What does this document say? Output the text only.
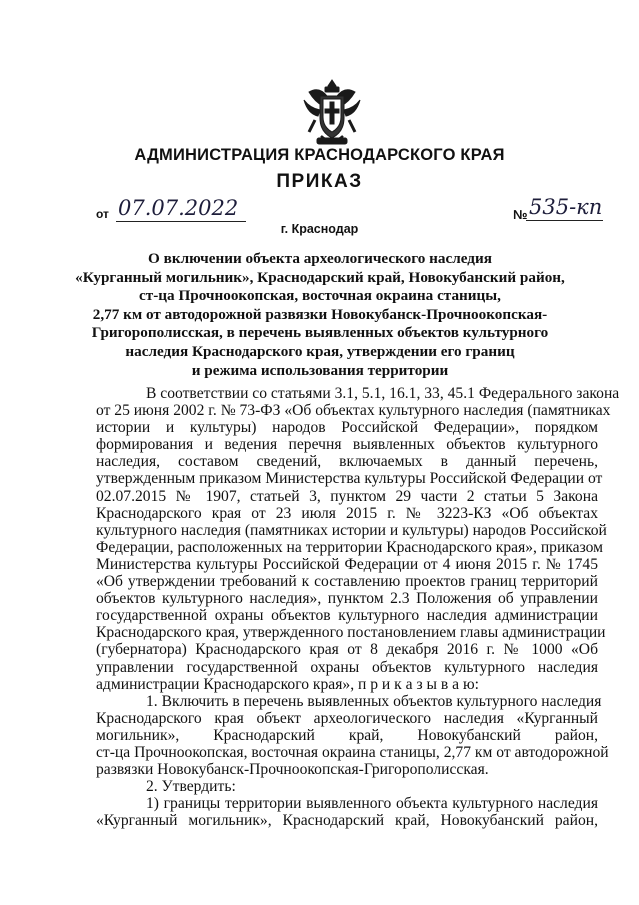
АДМИНИСТРАЦИЯ КРАСНОДАРСКОГО КРАЯ
ПРИКАЗ
от 07.07.2022
г. Краснодар
№ 535-кп
О включении объекта археологического наследия
«Курганный могильник», Краснодарский край, Новокубанский район,
ст-ца Прочноокопская, восточная окраина станицы,
2,77 км от автодорожной развязки Новокубанск-Прочноокопская-
Григорополисская, в перечень выявленных объектов культурного
наследия Краснодарского края, утверждении его границ
и режима использования территории
В соответствии со статьями 3.1, 5.1, 16.1, 33, 45.1 Федерального закона
от 25 июня 2002 г. № 73-ФЗ «Об объектах культурного наследия (памятниках
истории и культуры) народов Российской Федерации», порядком
формирования и ведения перечня выявленных объектов культурного
наследия, составом сведений, включаемых в данный перечень,
утвержденным приказом Министерства культуры Российской Федерации от
02.07.2015 № 1907, статьей 3, пунктом 29 части 2 статьи 5 Закона
Краснодарского края от 23 июля 2015 г. № 3223-КЗ «Об объектах
культурного наследия (памятниках истории и культуры) народов Российской
Федерации, расположенных на территории Краснодарского края», приказом
Министерства культуры Российской Федерации от 4 июня 2015 г. № 1745
«Об утверждении требований к составлению проектов границ территорий
объектов культурного наследия», пунктом 2.3 Положения об управлении
государственной охраны объектов культурного наследия администрации
Краснодарского края, утвержденного постановлением главы администрации
(губернатора) Краснодарского края от 8 декабря 2016 г. № 1000 «Об
управлении государственной охраны объектов культурного наследия
администрации Краснодарского края», п р и к а з ы в а ю:
1. Включить в перечень выявленных объектов культурного наследия
Краснодарского края объект археологического наследия «Курганный
могильник», Краснодарский край, Новокубанский район,
ст-ца Прочноокопская, восточная окраина станицы, 2,77 км от автодорожной
развязки Новокубанск-Прочноокопская-Григорополисская.
2. Утвердить:
1) границы территории выявленного объекта культурного наследия
«Курганный могильник», Краснодарский край, Новокубанский район,
